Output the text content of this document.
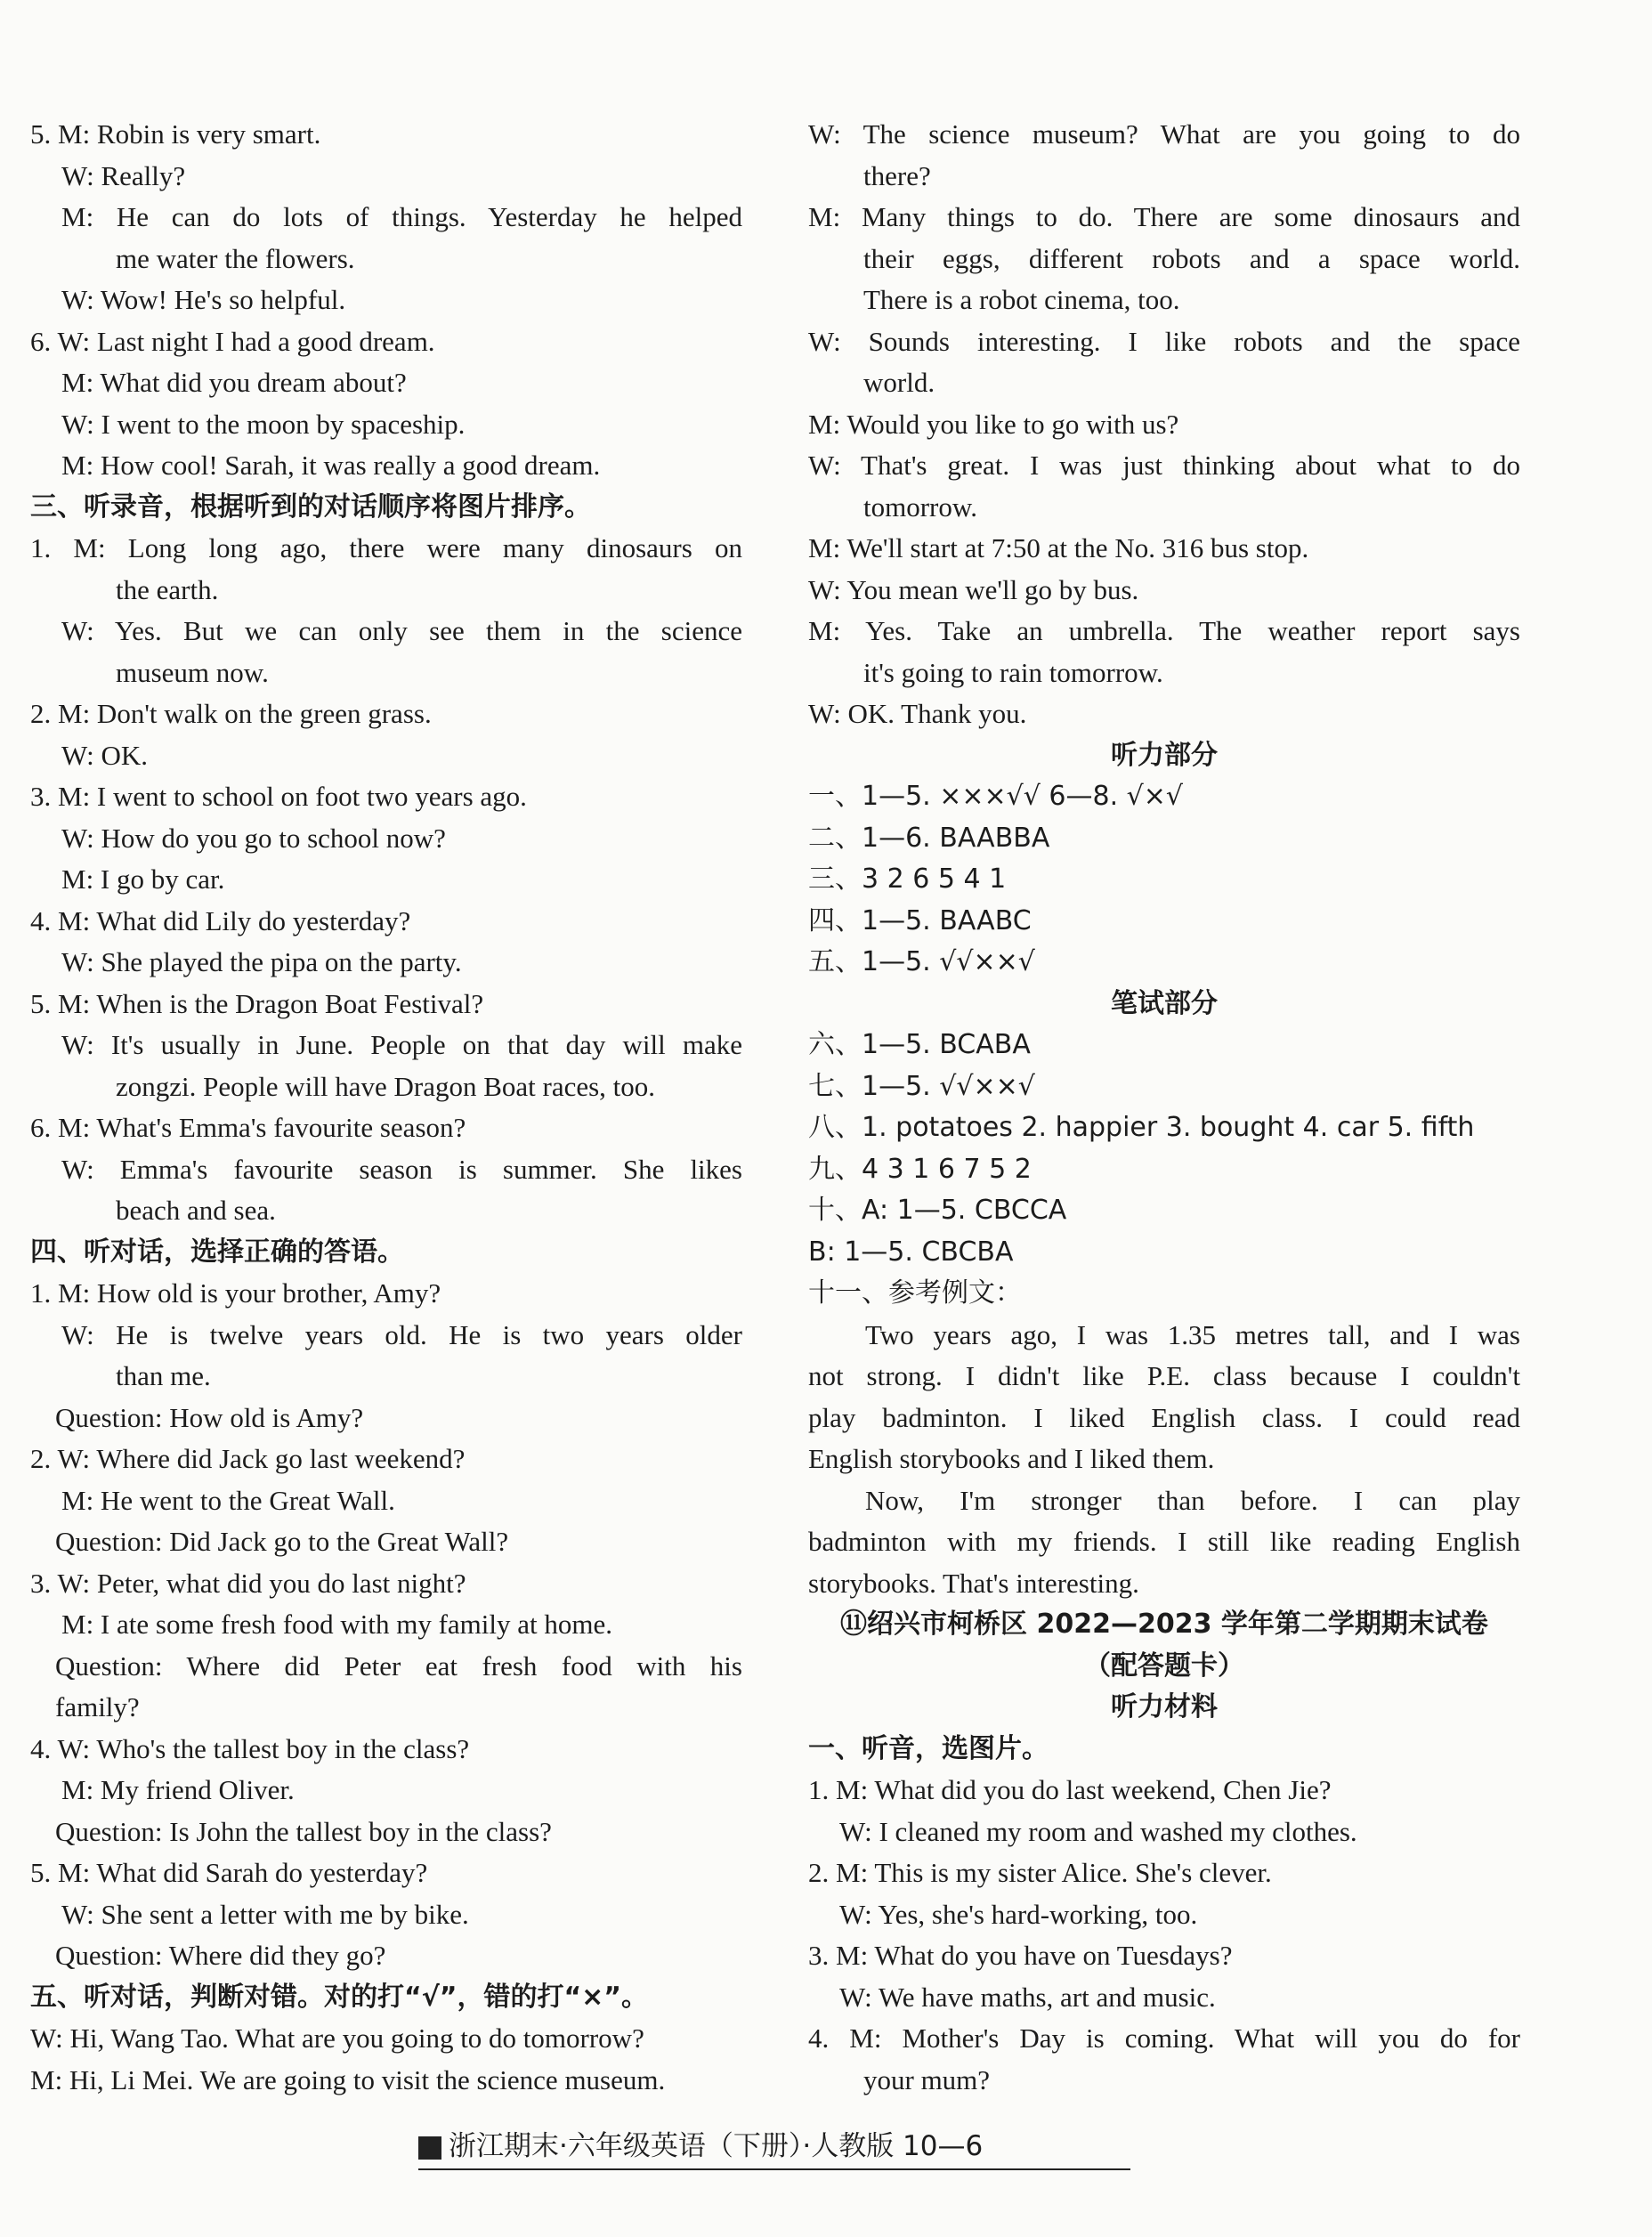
5. M: Robin is very smart.
W: Really?
M: He can do lots of things. Yesterday he helped
me water the flowers.
W: Wow! He's so helpful.
6. W: Last night I had a good dream.
M: What did you dream about?
W: I went to the moon by spaceship.
M: How cool! Sarah, it was really a good dream.
三、听录音，根据听到的对话顺序将图片排序。
1. M: Long long ago, there were many dinosaurs on
the earth.
W: Yes. But we can only see them in the science
museum now.
2. M: Don't walk on the green grass.
W: OK.
3. M: I went to school on foot two years ago.
W: How do you go to school now?
M: I go by car.
4. M: What did Lily do yesterday?
W: She played the pipa on the party.
5. M: When is the Dragon Boat Festival?
W: It's usually in June. People on that day will make
zongzi. People will have Dragon Boat races, too.
6. M: What's Emma's favourite season?
W: Emma's favourite season is summer. She likes
beach and sea.
四、听对话，选择正确的答语。
1. M: How old is your brother, Amy?
W: He is twelve years old. He is two years older
than me.
Question: How old is Amy?
2. W: Where did Jack go last weekend?
M: He went to the Great Wall.
Question: Did Jack go to the Great Wall?
3. W: Peter, what did you do last night?
M: I ate some fresh food with my family at home.
Question: Where did Peter eat fresh food with his
family?
4. W: Who's the tallest boy in the class?
M: My friend Oliver.
Question: Is John the tallest boy in the class?
5. M: What did Sarah do yesterday?
W: She sent a letter with me by bike.
Question: Where did they go?
五、听对话，判断对错。对的打“√”，错的打“×”。
W: Hi, Wang Tao. What are you going to do tomorrow?
M: Hi, Li Mei. We are going to visit the science museum.
W: The science museum? What are you going to do
there?
M: Many things to do. There are some dinosaurs and
their eggs, different robots and a space world.
There is a robot cinema, too.
W: Sounds interesting. I like robots and the space
world.
M: Would you like to go with us?
W: That's great. I was just thinking about what to do
tomorrow.
M: We'll start at 7:50 at the No. 316 bus stop.
W: You mean we'll go by bus.
M: Yes. Take an umbrella. The weather report says
it's going to rain tomorrow.
W: OK. Thank you.
听力部分
一、1—5. ×××√√ 6—8. √×√
二、1—6. BAABBA
三、3 2 6 5 4 1
四、1—5. BAABC
五、1—5. √√××√
笔试部分
六、1—5. BCABA
七、1—5. √√××√
八、1. potatoes 2. happier 3. bought 4. car 5. fifth
九、4 3 1 6 7 5 2
十、A: 1—5. CBCCA
B: 1—5. CBCBA
十一、参考例文：
Two years ago, I was 1.35 metres tall, and I was
not strong. I didn't like P.E. class because I couldn't
play badminton. I liked English class. I could read
English storybooks and I liked them.
Now, I'm stronger than before. I can play
badminton with my friends. I still like reading English
storybooks. That's interesting.
⑪绍兴市柯桥区 2022—2023 学年第二学期期末试卷
（配答题卡）
听力材料
一、听音，选图片。
1. M: What did you do last weekend, Chen Jie?
W: I cleaned my room and washed my clothes.
2. M: This is my sister Alice. She's clever.
W: Yes, she's hard-working, too.
3. M: What do you have on Tuesdays?
W: We have maths, art and music.
4. M: Mother's Day is coming. What will you do for
your mum?
浙江期末·六年级英语（下册）·人教版 10—6
